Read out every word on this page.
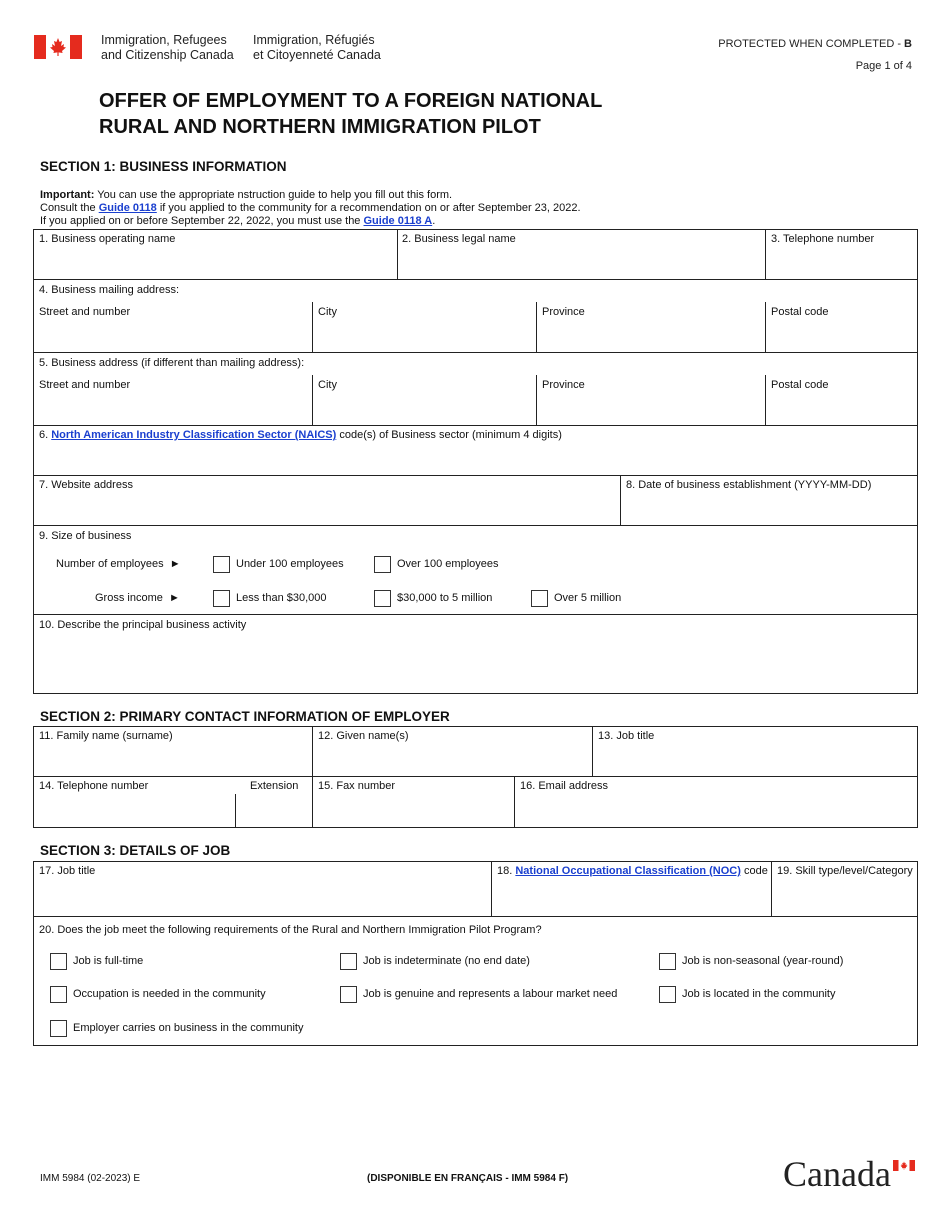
Immigration, Refugees
and Citizenship Canada
Immigration, Réfugiés
et Citoyenneté Canada
PROTECTED WHEN COMPLETED - B
Page 1 of 4
OFFER OF EMPLOYMENT TO A FOREIGN NATIONAL
RURAL AND NORTHERN IMMIGRATION PILOT
SECTION 1: BUSINESS INFORMATION
Important: You can use the appropriate nstruction guide to help you fill out this form.
Consult the Guide 0118 if you applied to the community for a recommendation on or after September 23, 2022.
If you applied on or before September 22, 2022, you must use the Guide 0118 A.
1. Business operating name	2. Business legal name	3. Telephone number
4. Business mailing address:
Street and number	City	Province	Postal code
5. Business address (if different than mailing address):
Street and number	City	Province	Postal code
6. North American Industry Classification Sector (NAICS) code(s) of Business sector (minimum 4 digits)
7. Website address	8. Date of business establishment (YYYY-MM-DD)
9. Size of business
Number of employees ►	Under 100 employees	Over 100 employees
Gross income ►	Less than $30,000	$30,000 to 5 million	Over 5 million
10. Describe the principal business activity
SECTION 2: PRIMARY CONTACT INFORMATION OF EMPLOYER
11. Family name (surname)	12. Given name(s)	13. Job title
14. Telephone number	Extension 15. Fax number	16. Email address
SECTION 3: DETAILS OF JOB
17. Job title	18. National Occupational Classification (NOC) code 19. Skill type/level/Category
20. Does the job meet the following requirements of the Rural and Northern Immigration Pilot Program?
Job is full-time	Job is indeterminate (no end date)	Job is non-seasonal (year-round)
Occupation is needed in the community	Job is genuine and represents a labour market need	Job is located in the community
Employer carries on business in the community
IMM 5984 (02-2023) E	(DISPONIBLE EN FRANÇAIS - IMM 5984 F)	Canada
